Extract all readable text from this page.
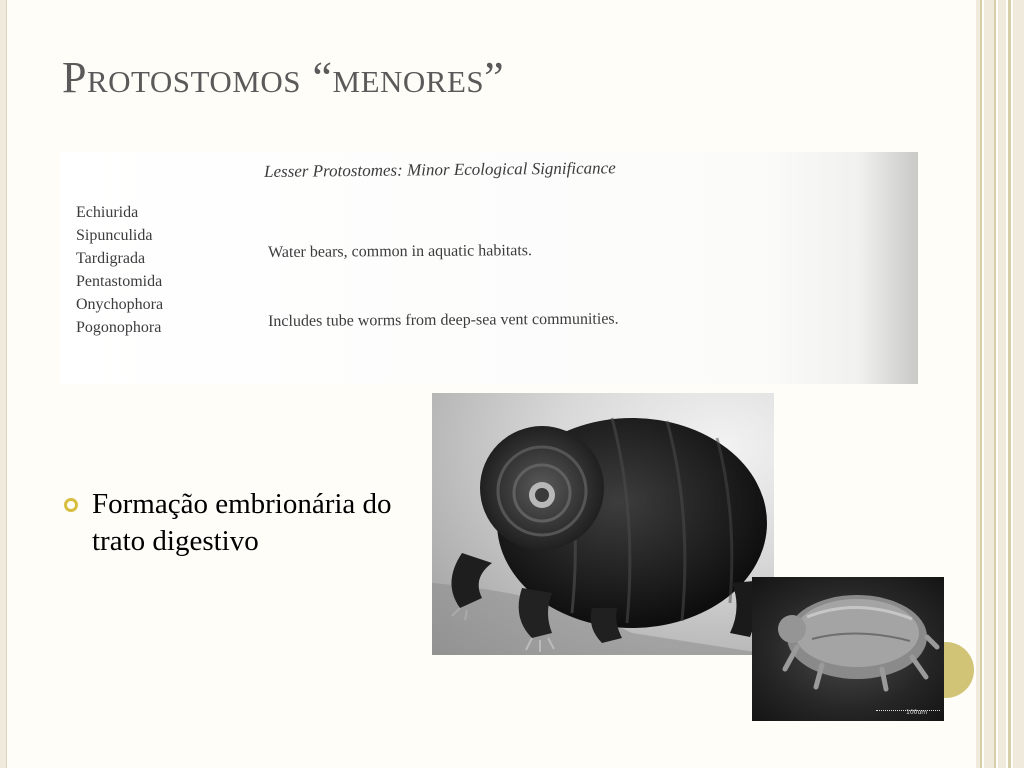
Protostomos “menores”
Lesser Protostomes: Minor Ecological Significance
Echiurida
Sipunculida
Tardigrada
Pentastomida
Onychophora
Pogonophora
Water bears, common in aquatic habitats.
Includes tube worms from deep-sea vent communities.

Formação embrionária do trato digestivo

100um
